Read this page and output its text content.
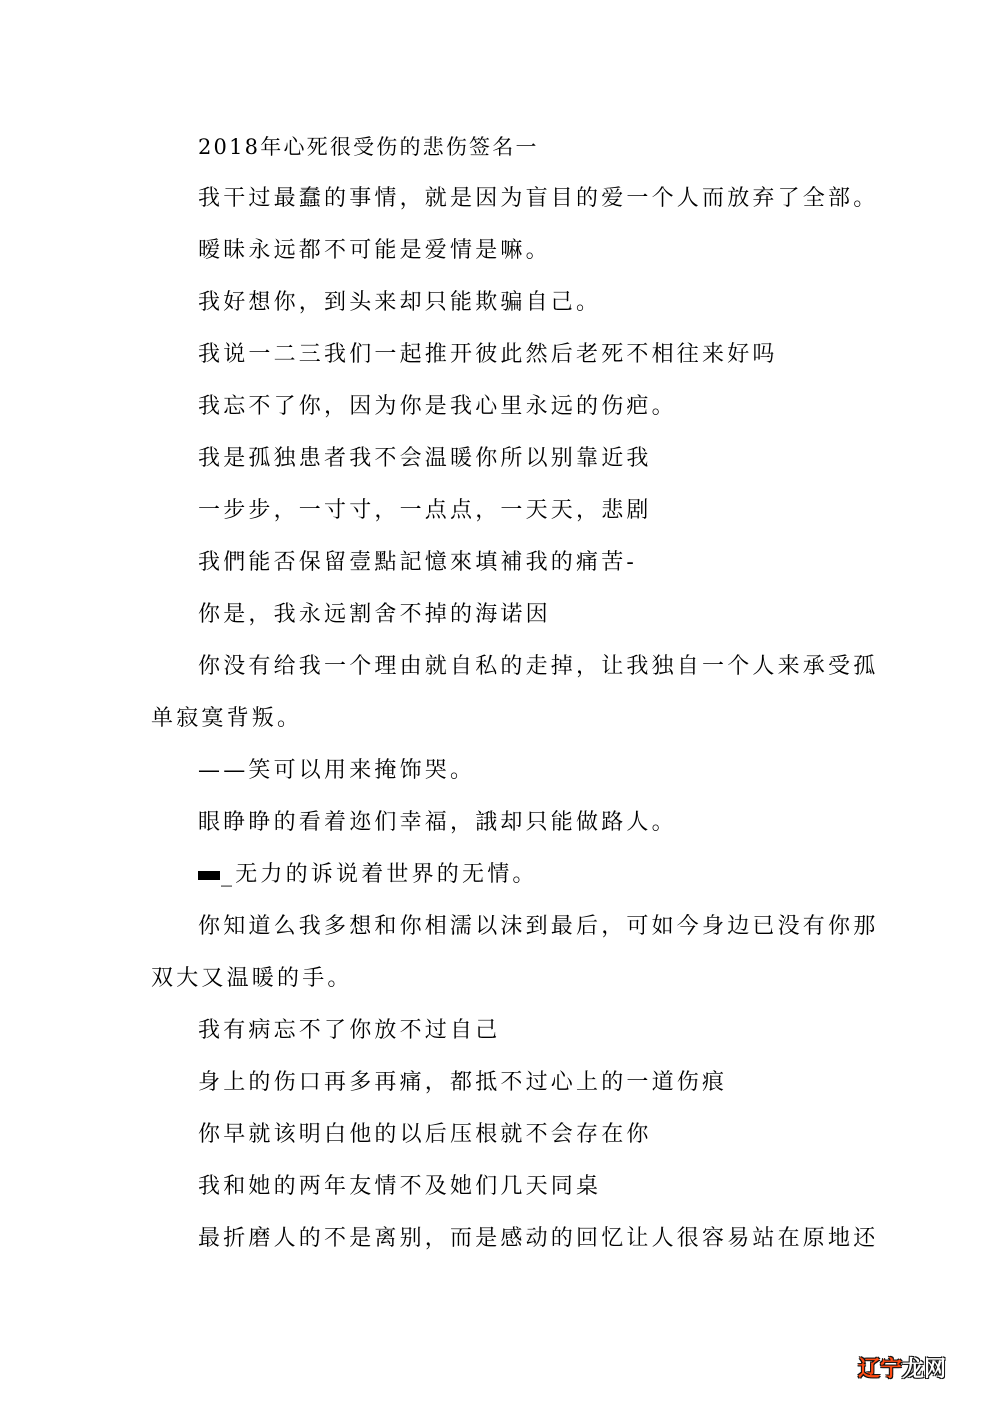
2018年心死很受伤的悲伤签名一
我干过最蠢的事情，就是因为盲目的爱一个人而放弃了全部。
暧昧永远都不可能是爱情是嘛。
我好想你，到头来却只能欺骗自己。
我说一二三我们一起推开彼此然后老死不相往来好吗
我忘不了你，因为你是我心里永远的伤疤。
我是孤独患者我不会温暖你所以别靠近我
一步步，一寸寸，一点点，一天天，悲剧
我們能否保留壹點記憶來填補我的痛苦-
你是，我永远割舍不掉的海诺因
你没有给我一个理由就自私的走掉，让我独自一个人来承受孤
单寂寞背叛。
——笑可以用来掩饰哭。
眼睁睁的看着迩们幸福，誐却只能做路人。
_无力的诉说着世界的无情。
你知道么我多想和你相濡以沫到最后，可如今身边已没有你那
双大又温暖的手。
我有病忘不了你放不过自己
身上的伤口再多再痛，都抵不过心上的一道伤痕
你早就该明白他的以后压根就不会存在你
我和她的两年友情不及她们几天同桌
最折磨人的不是离别，而是感动的回忆让人很容易站在原地还
辽宁龙网
